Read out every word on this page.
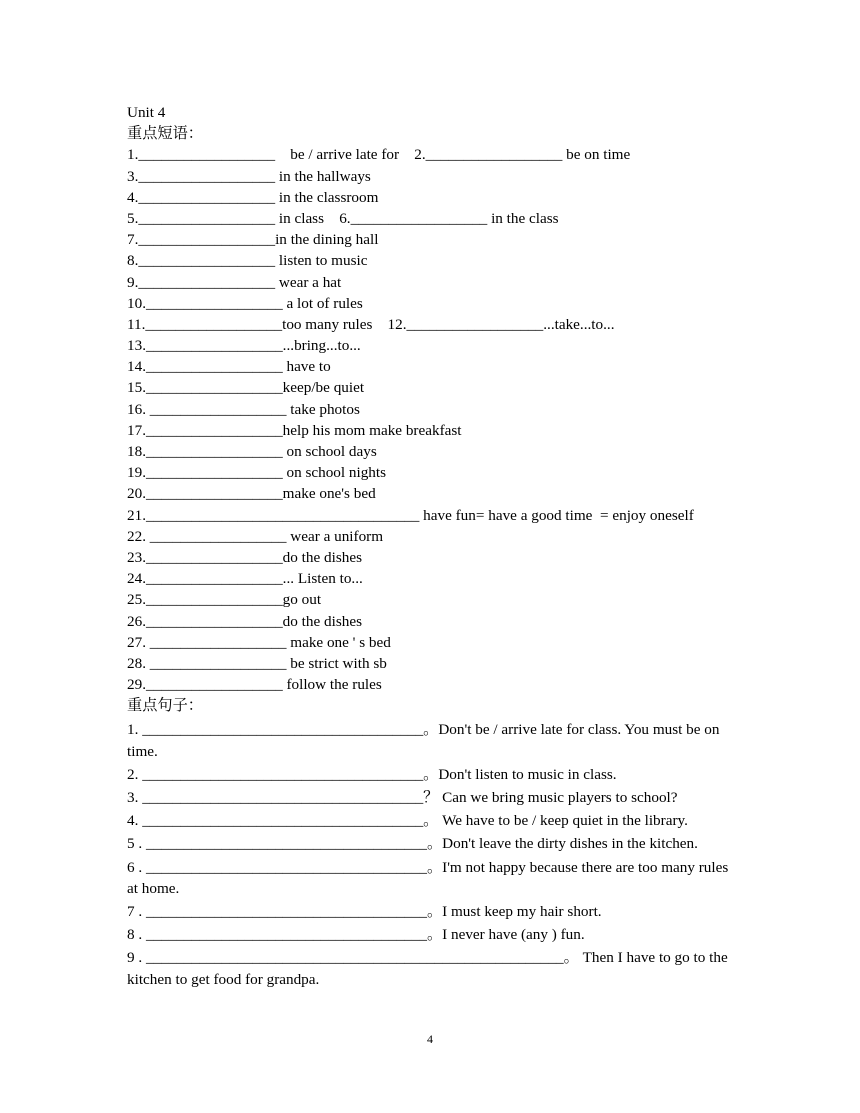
Unit 4
重点短语：
1.__________________    be / arrive late for    2.__________________ be on time
3.__________________ in the hallways
4.__________________ in the classroom
5.__________________ in class    6.__________________ in the class
7.__________________in the dining hall
8.__________________ listen to music
9.__________________ wear a hat
10.__________________ a lot of rules
11.__________________too many rules    12.__________________...take...to...
13.__________________...bring...to...
14.__________________ have to
15.__________________keep/be quiet
16. __________________ take photos
17.__________________help his mom make breakfast
18.__________________ on school days
19.__________________ on school nights
20.__________________make one's bed
21.____________________________________ have fun= have a good time  = enjoy oneself
22. __________________ wear a uniform
23.__________________do the dishes
24.__________________... Listen to...
25.__________________go out
26.__________________do the dishes
27. __________________ make one ' s bed
28. __________________ be strict with sb
29.__________________ follow the rules
重点句子：
1. _____________________________________。Don't be / arrive late for class. You must be on time.
2. _____________________________________。Don't listen to music in class.
3. _____________________________________？ Can we bring music players to school?
4. _____________________________________。 We have to be / keep quiet in the library.
5 . _____________________________________。Don't leave the dirty dishes in the kitchen.
6 . _____________________________________。I'm not happy because there are too many rules at home.
7 . _____________________________________。I must keep my hair short.
8 . _____________________________________。I never have (any ) fun.
9 . _______________________________________________________。 Then I have to go to the kitchen to get food for grandpa.
4
